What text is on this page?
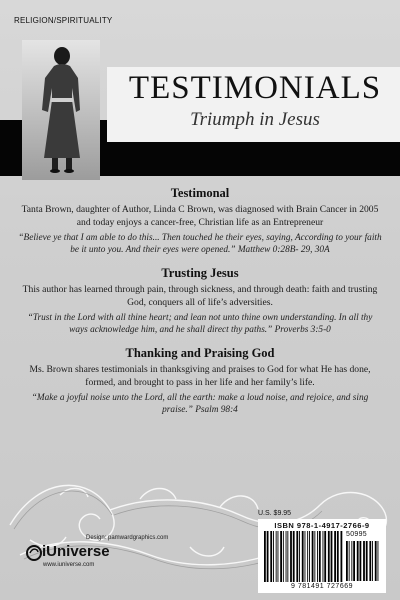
RELIGION/SPIRITUALITY
TESTIMONIALS
Triumph in Jesus

Testimonal

Tanta Brown, daughter of Author, Linda C Brown, was diagnosed with Brain Cancer in 2005 and today enjoys a cancer-free, Christian life as an Entrepreneur

“Believe ye that I am able to do this... Then touched he their eyes, saying, According to your faith be it unto you. And their eyes were opened.” Matthew 0:28B- 29, 30A

Trusting Jesus

This author has learned through pain, through sickness, and through death: faith and trusting God, conquers all of life’s adversities.

“Trust in the Lord with all thine heart; and lean not unto thine own understanding. In all thy ways acknowledge him, and he shall direct thy paths.” Proverbs 3:5-0

Thanking and Praising God

Ms. Brown shares testimonials in thanksgiving and praises to God for what He has done, formed, and brought to pass in her life and her family’s life.

“Make a joyful noise unto the Lord, all the earth: make a loud noise, and rejoice, and sing praise.” Psalm 98:4

Design: pamwardgraphics.com
iUniverse
www.iuniverse.com
U.S. $9.95
ISBN 978-1-4917-2766-9
50995
9 781491 727669
